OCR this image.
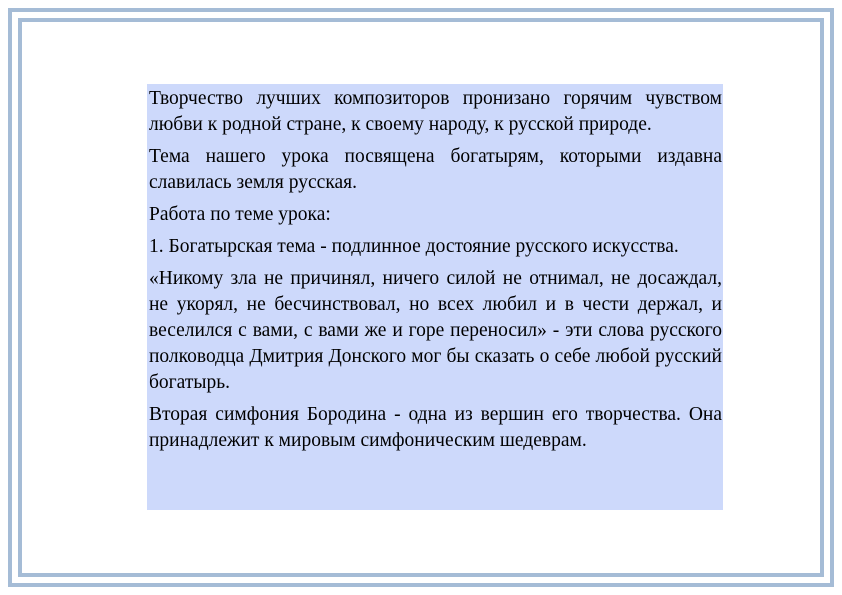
Творчество лучших композиторов пронизано горячим чувством любви к родной стране, к своему народу, к русской природе.

Тема нашего урока посвящена богатырям, которыми издавна славилась земля русская.

Работа по теме урока:

1. Богатырская тема - подлинное достояние русского искусства.

«Никому зла не причинял, ничего силой не отнимал, не досаждал, не укорял, не бесчинствовал, но всех любил и в чести держал, и веселился с вами, с вами же и горе переносил» - эти слова русского полководца Дмитрия Донского мог бы сказать о себе любой русский богатырь.

Вторая симфония Бородина - одна из вершин его творчества. Она принадлежит к мировым симфоническим шедеврам.
